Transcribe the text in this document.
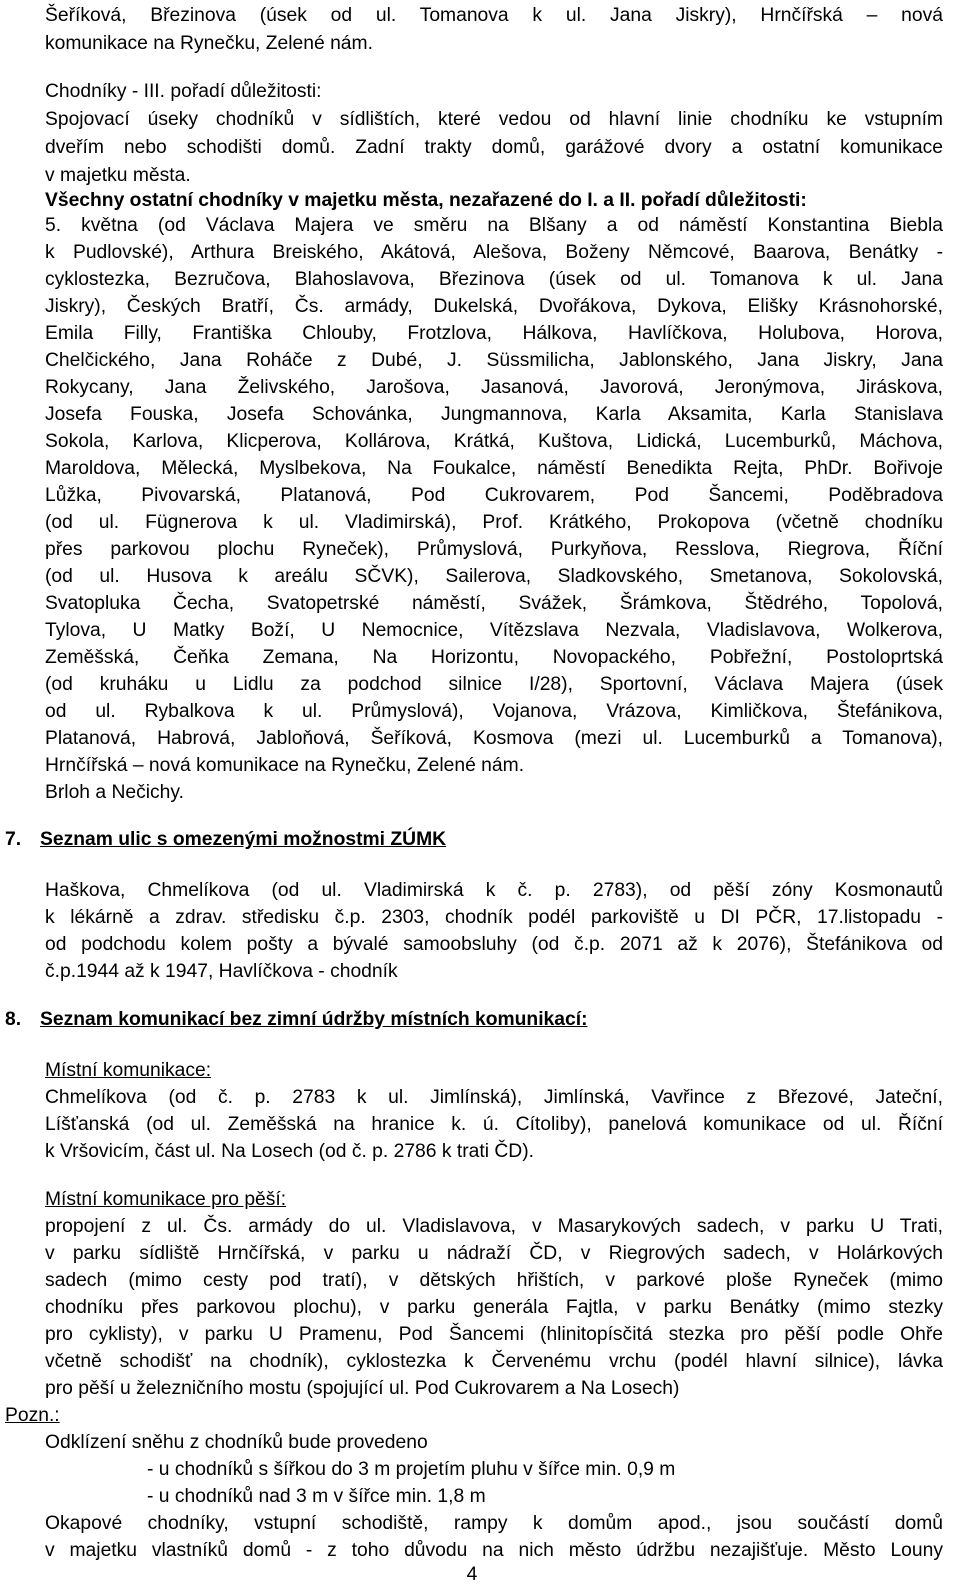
Šeříková, Březinova (úsek od ul. Tomanova k ul. Jana Jiskry), Hrnčířská – nová
komunikace na Rynečku, Zelené nám.
Chodníky - III. pořadí důležitosti:
Spojovací úseky chodníků v sídlištích, které vedou od hlavní linie chodníku ke vstupním
dveřím nebo schodišti domů. Zadní trakty domů, garážové dvory a ostatní komunikace
v majetku města.
Všechny ostatní chodníky v majetku města, nezařazené do I. a II. pořadí důležitosti:
5. května (od Václava Majera ve směru na Blšany a od náměstí Konstantina Biebla
k Pudlovské), Arthura Breiského, Akátová, Alešova, Boženy Němcové, Baarova, Benátky -
cyklostezka, Bezručova, Blahoslavova, Březinova (úsek od ul. Tomanova k ul. Jana
Jiskry), Českých Bratří, Čs. armády, Dukelská, Dvořákova, Dykova, Elišky Krásnohorské,
Emila Filly, Františka Chlouby, Frotzlova, Hálkova, Havlíčkova, Holubova, Horova,
Chelčického, Jana Roháče z Dubé, J. Süssmilicha, Jablonského, Jana Jiskry, Jana
Rokycany, Jana Želivského, Jarošova, Jasanová, Javorová, Jeronýmova, Jiráskova,
Josefa Fouska, Josefa Schovánka, Jungmannova, Karla Aksamita, Karla Stanislava
Sokola, Karlova, Klicperova, Kollárova, Krátká, Kuštova, Lidická, Lucemburků, Máchova,
Maroldova, Mělecká, Myslbekova, Na Foukalce, náměstí Benedikta Rejta, PhDr. Bořivoje
Lůžka, Pivovarská, Platanová, Pod Cukrovarem, Pod Šancemi, Poděbradova
(od ul. Fügnerova k ul. Vladimirská), Prof. Krátkého, Prokopova (včetně chodníku
přes parkovou plochu Ryneček), Průmyslová, Purkyňova, Resslova, Riegrova, Říční
(od ul. Husova k areálu SČVK), Sailerova, Sladkovského, Smetanova, Sokolovská,
Svatopluka Čecha, Svatopetrské náměstí, Svážek, Šrámkova, Štědrého, Topolová,
Tylova, U Matky Boží, U Nemocnice, Vítězslava Nezvala, Vladislavova, Wolkerova,
Zeměšská, Čeňka Zemana, Na Horizontu, Novopackého, Pobřežní, Postoloprtská
(od kruháku u Lidlu za podchod silnice I/28), Sportovní, Václava Majera (úsek
od ul. Rybalkova k ul. Průmyslová), Vojanova, Vrázova, Kimličkova, Štefánikova,
Platanová, Habrová, Jabloňová, Šeříková, Kosmova (mezi ul. Lucemburků a Tomanova),
Hrnčířská – nová komunikace na Rynečku, Zelené nám.
Brloh a Nečichy.
7. Seznam ulic s omezenými možnostmi ZÚMK
Haškova, Chmelíkova (od ul. Vladimirská k č. p. 2783), od pěší zóny Kosmonautů
k lékárně a zdrav. středisku č.p. 2303, chodník podél parkoviště u DI PČR, 17.listopadu -
od podchodu kolem pošty a bývalé samoobsluhy (od č.p. 2071 až k 2076), Štefánikova od
č.p.1944 až k 1947, Havlíčkova - chodník
8. Seznam komunikací bez zimní údržby místních komunikací:
Místní komunikace:
Chmelíkova (od č. p. 2783 k ul. Jimlínská), Jimlínská, Vavřince z Březové, Jateční,
Líšťanská (od ul. Zeměšská na hranice k. ú. Cítoliby), panelová komunikace od ul. Říční
k Vršovicím, část ul. Na Losech (od č. p. 2786 k trati ČD).
Místní komunikace pro pěší:
propojení z ul. Čs. armády do ul. Vladislavova, v Masarykových sadech, v parku U Trati,
v parku sídliště Hrnčířská, v parku u nádraží ČD, v Riegrových sadech, v Holárkových
sadech (mimo cesty pod tratí), v dětských hřištích, v parkové ploše Ryneček (mimo
chodníku přes parkovou plochu), v parku generála Fajtla, v parku Benátky (mimo stezky
pro cyklisty), v parku U Pramenu, Pod Šancemi (hlinitopísčitá stezka pro pěší podle Ohře
včetně schodišť na chodník), cyklostezka k Červenému vrchu (podél hlavní silnice), lávka
pro pěší u železničního mostu (spojující ul. Pod Cukrovarem a Na Losech)
Pozn.:
Odklízení sněhu z chodníků bude provedeno
- u chodníků s šířkou do 3 m projetím pluhu v šířce min. 0,9 m
- u chodníků nad 3 m v šířce min. 1,8 m
Okapové chodníky, vstupní schodiště, rampy k domům apod., jsou součástí domů
v majetku vlastníků domů - z toho důvodu na nich město údržbu nezajišťuje. Město Louny
4
